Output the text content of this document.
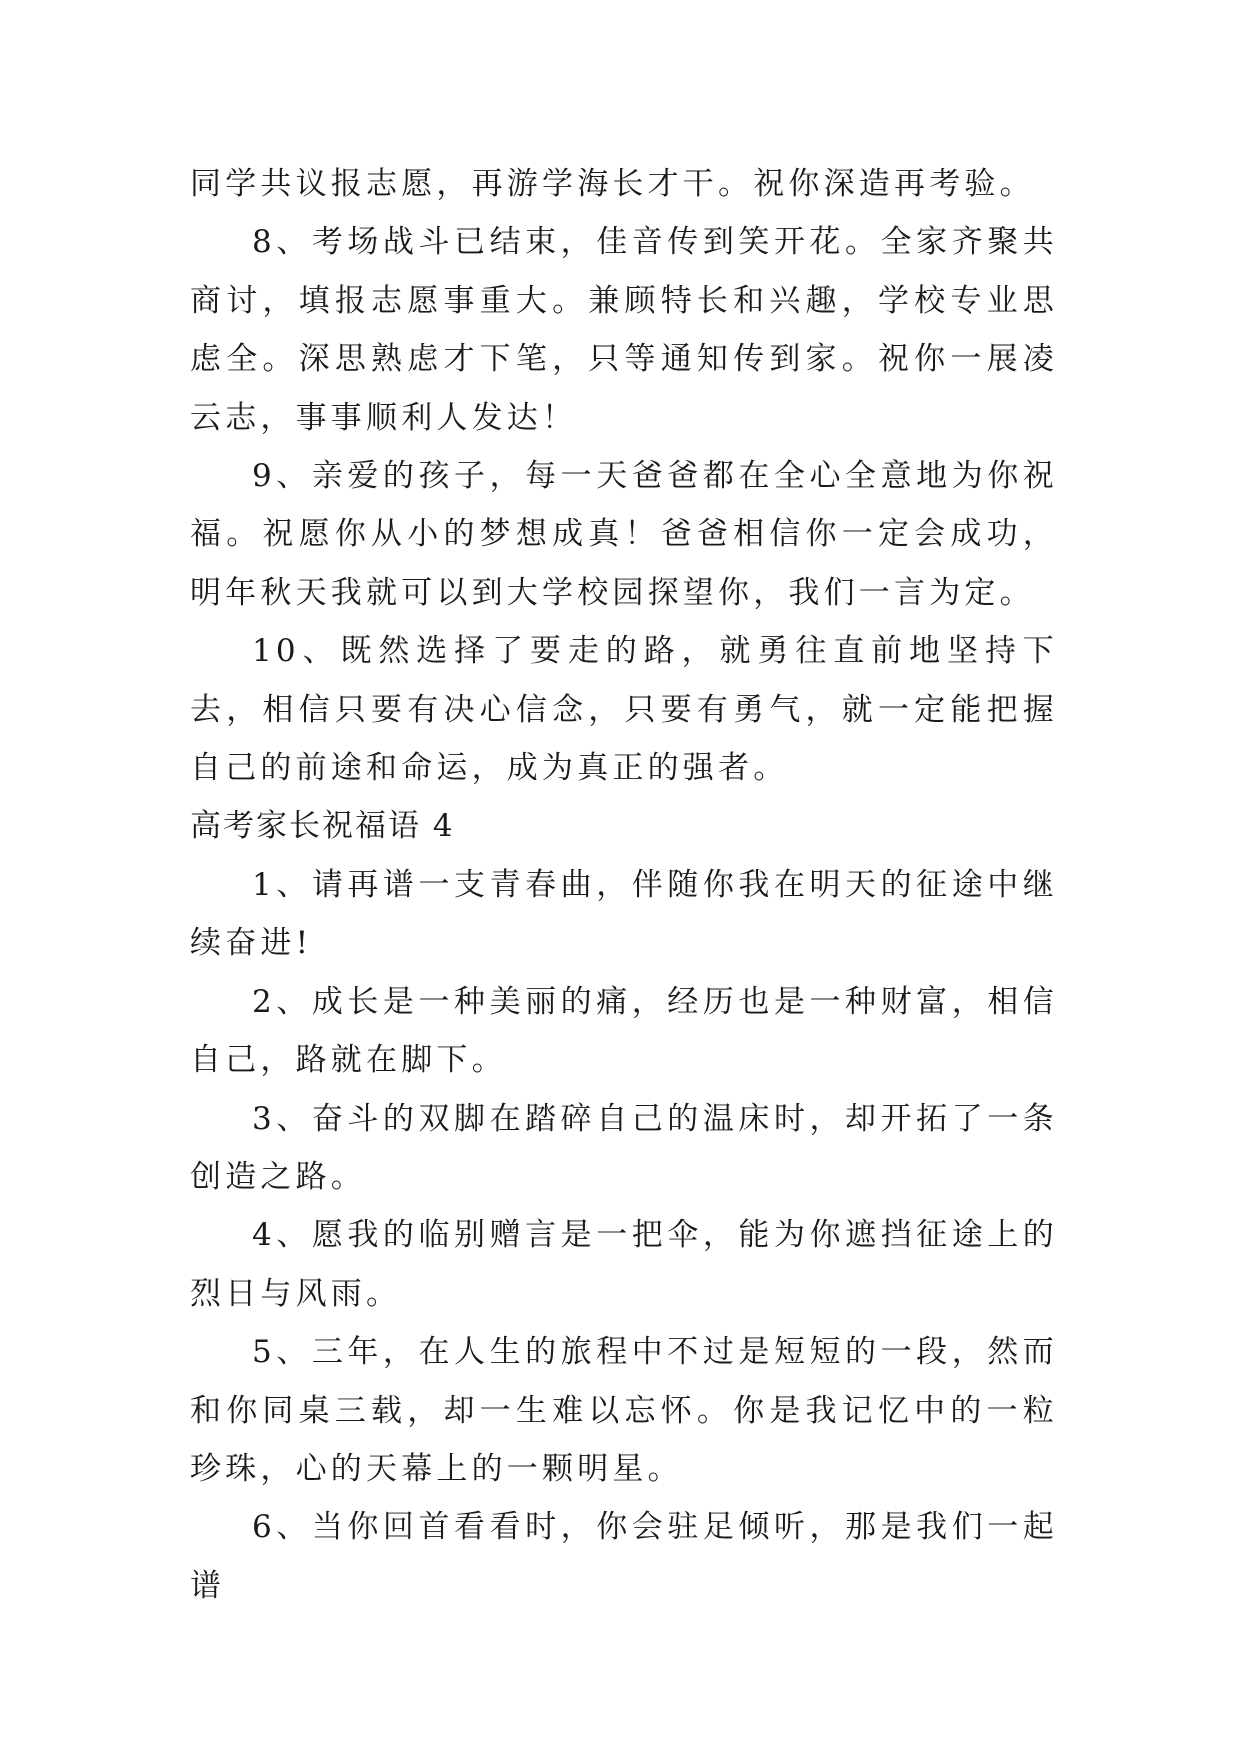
同学共议报志愿，再游学海长才干。祝你深造再考验。

8、考场战斗已结束，佳音传到笑开花。全家齐聚共商讨，填报志愿事重大。兼顾特长和兴趣，学校专业思虑全。深思熟虑才下笔，只等通知传到家。祝你一展凌云志，事事顺利人发达！

9、亲爱的孩子，每一天爸爸都在全心全意地为你祝福。祝愿你从小的梦想成真！爸爸相信你一定会成功，明年秋天我就可以到大学校园探望你，我们一言为定。

10、既然选择了要走的路，就勇往直前地坚持下去，相信只要有决心信念，只要有勇气，就一定能把握自己的前途和命运，成为真正的强者。

高考家长祝福语 4

1、请再谱一支青春曲，伴随你我在明天的征途中继续奋进!

2、成长是一种美丽的痛，经历也是一种财富，相信自己，路就在脚下。

3、奋斗的双脚在踏碎自己的温床时，却开拓了一条创造之路。

4、愿我的临别赠言是一把伞，能为你遮挡征途上的烈日与风雨。

5、三年，在人生的旅程中不过是短短的一段，然而和你同桌三载，却一生难以忘怀。你是我记忆中的一粒珍珠，心的天幕上的一颗明星。

6、当你回首看看时，你会驻足倾听，那是我们一起谱
